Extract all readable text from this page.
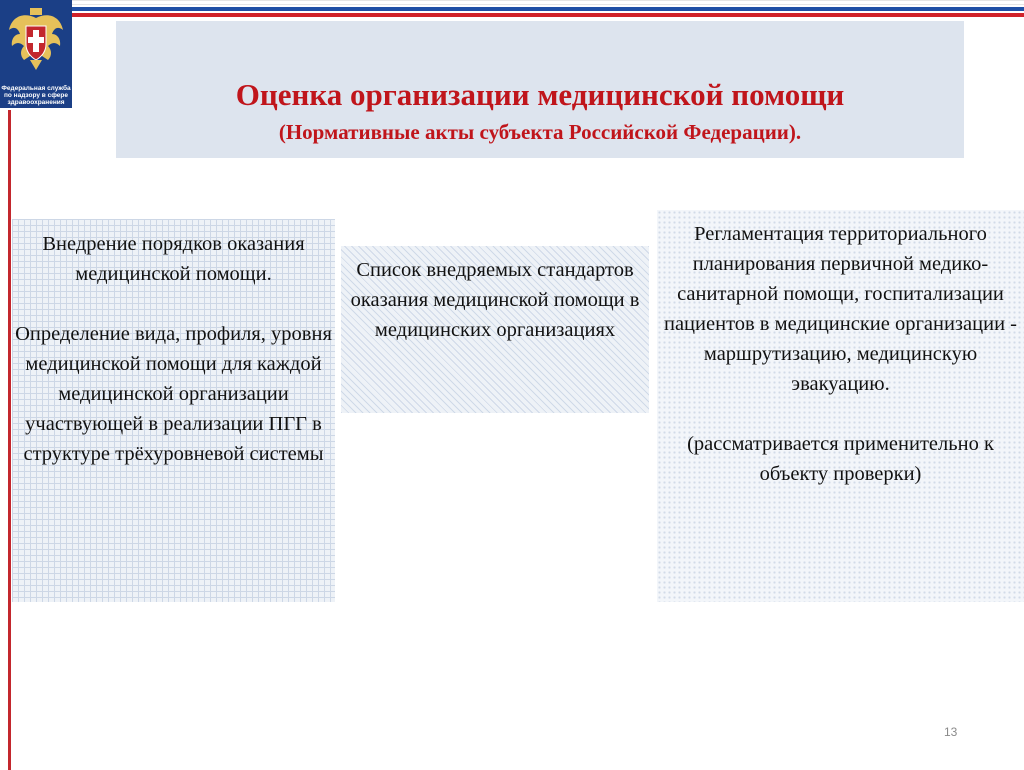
Федеральная служба
по надзору в сфере
здравоохранения	Оценка организации медицинской помощи
(Нормативные акты субъекта Российской Федерации).

Внедрение порядков оказания медицинской помощи.

Определение вида, профиля, уровня медицинской помощи для каждой медицинской организации участвующей в реализации ПГГ в структуре трёхуровневой системы

Список внедряемых стандартов оказания медицинской помощи в медицинских организациях

Регламентация территориального планирования первичной медико-санитарной помощи, госпитализации пациентов в медицинские организации - маршрутизацию, медицинскую эвакуацию.

(рассматривается применительно к объекту проверки)

13
